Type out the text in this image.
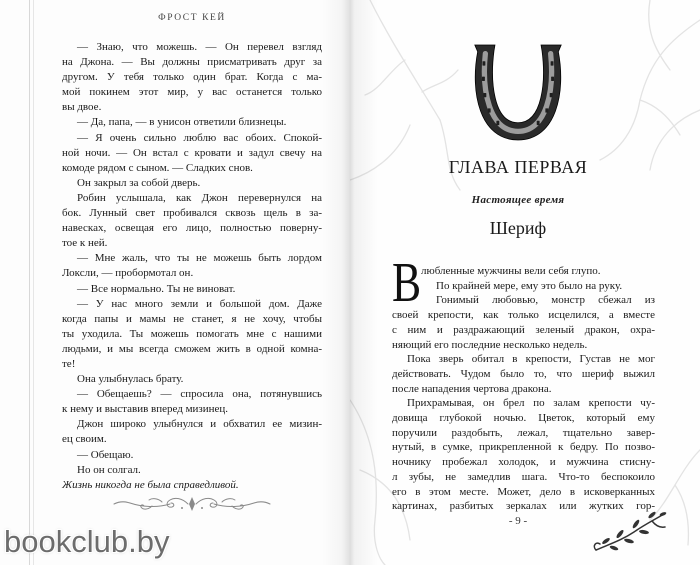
ФРОСТ КЕЙ
— Знаю, что можешь. — Он перевел взгляд
на Джона. — Вы должны присматривать друг за
другом. У тебя только один брат. Когда с ма-
мой покинем этот мир, у вас останется только
вы двое.
— Да, папа, — в унисон ответили близнецы.
— Я очень сильно люблю вас обоих. Спокой-
ной ночи. — Он встал с кровати и задул свечу на
комоде рядом с сыном. — Сладких снов.
Он закрыл за собой дверь.
Робин услышала, как Джон перевернулся на
бок. Лунный свет пробивался сквозь щель в за-
навесках, освещая его лицо, полностью поверну-
тое к ней.
— Мне жаль, что ты не можешь быть лордом
Локсли, — пробормотал он.
— Все нормально. Ты не виноват.
— У нас много земли и большой дом. Даже
когда папы и мамы не станет, я не хочу, чтобы
ты уходила. Ты можешь помогать мне с нашими
людьми, и мы всегда сможем жить в одной комна-
те!
Она улыбнулась брату.
— Обещаешь? — спросила она, потянувшись
к нему и выставив вперед мизинец.
Джон широко улыбнулся и обхватил ее мизин-
ец своим.
— Обещаю.
Но он солгал.
Жизнь никогда не была справедливой.
ГЛАВА ПЕРВАЯ
Настоящее время
Шериф
В любленные мужчины вели себя глупо.
По крайней мере, ему это было на руку.
Гонимый любовью, монстр сбежал из
своей крепости, как только исцелился, а вместе
с ним и раздражающий зеленый дракон, охра-
няющий его последние несколько недель.
Пока зверь обитал в крепости, Густав не мог
действовать. Чудом было то, что шериф выжил
после нападения чертова дракона.
Прихрамывая, он брел по залам крепости чу-
довища глубокой ночью. Цветок, который ему
поручили раздобыть, лежал, тщательно завер-
нутый, в сумке, прикрепленной к бедру. По позво-
ночнику пробежал холодок, и мужчина стисну-
л зубы, не замедлив шага. Что-то беспокоило
его в этом месте. Может, дело в исковерканных
картинах, разбитых зеркалах или жутких гор-
- 9 -
bookclub.by
